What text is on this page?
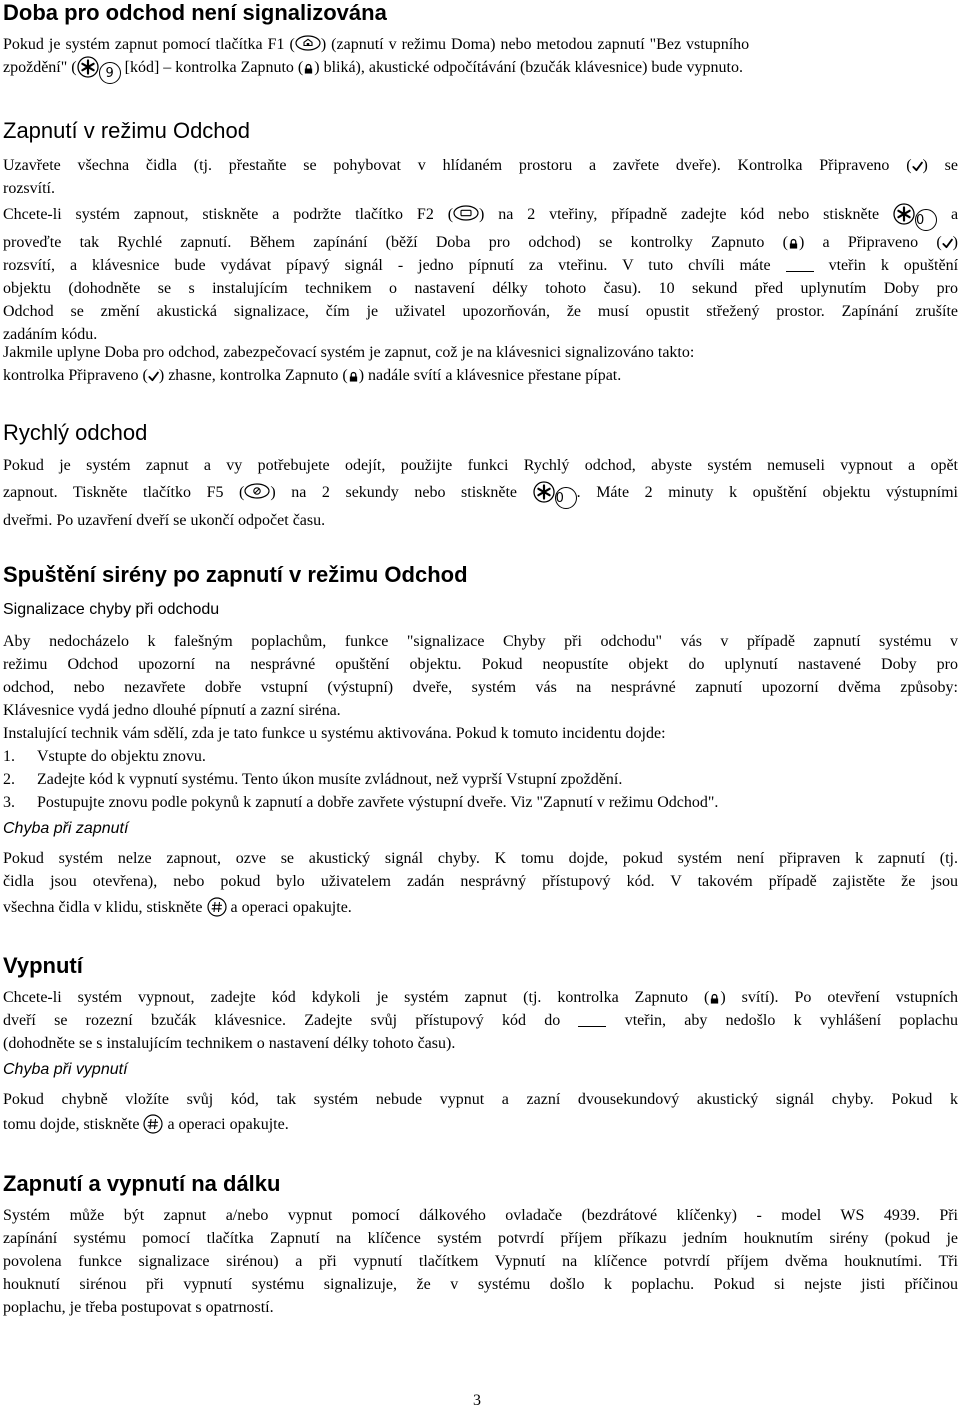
Doba pro odchod není signalizována
Pokud je systém zapnut pomocí tlačítka F1 ( ) (zapnutí v režimu Doma) nebo metodou zapnutí "Bez vstupního
zpoždění" ( 9 [kód] – kontrolka Zapnuto ( ) bliká), akustické odpočítávání (bzučák klávesnice) bude vypnuto.
Zapnutí v režimu Odchod
Uzavřete všechna čidla (tj. přestaňte se pohybovat v hlídaném prostoru a zavřete dveře). Kontrolka Připraveno ( ) se
rozsvítí.
Chcete-li systém zapnout, stiskněte a podržte tlačítko F2 ( ) na 2 vteřiny, případně zadejte kód nebo stiskněte	0 a
proveďte tak Rychlé zapnutí. Během zapínání (běží Doba pro odchod) se kontrolky Zapnuto ( ) a Připraveno ( )
rozsvítí, a klávesnice bude vydávat pípavý signál - jedno pípnutí za vteřinu. V tuto chvíli máte	vteřin k opuštění
objektu (dohodněte se s instalujícím technikem o nastavení délky tohoto času). 10 sekund před uplynutím Doby pro
Odchod se změní akustická signalizace, čím je uživatel upozorňován, že musí opustit střežený prostor. Zapínání zrušíte
zadáním kódu.
Jakmile uplyne Doba pro odchod, zabezpečovací systém je zapnut, což je na klávesnici signalizováno takto:
kontrolka Připraveno ( ) zhasne, kontrolka Zapnuto ( ) nadále svítí a klávesnice přestane pípat.
Rychlý odchod
Pokud je systém zapnut a vy potřebujete odejít, použijte funkci Rychlý odchod, abyste systém nemuseli vypnout a opět
zapnout. Tiskněte tlačítko F5 ( ) na 2 sekundy nebo stiskněte	0 . Máte 2 minuty k opuštění objektu výstupními
dveřmi. Po uzavření dveří se ukončí odpočet času.
Spuštění sirény po zapnutí v režimu Odchod
Signalizace chyby při odchodu
Aby nedocházelo k falešným poplachům, funkce "signalizace Chyby při odchodu" vás v případě zapnutí systému v
režimu Odchod upozorní na nesprávné opuštění objektu. Pokud neopustíte objekt do uplynutí nastavené Doby pro
odchod, nebo nezavřete dobře vstupní (výstupní) dveře, systém vás na nesprávné zapnutí upozorní dvěma způsoby:
Klávesnice vydá jedno dlouhé pípnutí a zazní siréna.
Instalující technik vám sdělí, zda je tato funkce u systému aktivována. Pokud k tomuto incidentu dojde:
1. Vstupte do objektu znovu.
2. Zadejte kód k vypnutí systému. Tento úkon musíte zvládnout, než vyprší Vstupní zpoždění.
3. Postupujte znovu podle pokynů k zapnutí a dobře zavřete výstupní dveře. Viz "Zapnutí v režimu Odchod".
Chyba při zapnutí
Pokud systém nelze zapnout, ozve se akustický signál chyby. K tomu dojde, pokud systém není připraven k zapnutí (tj.
čidla jsou otevřena), nebo pokud bylo uživatelem zadán nesprávný přístupový kód. V takovém případě zajistěte že jsou
všechna čidla v klidu, stiskněte a operaci opakujte.
Vypnutí
Chcete-li systém vypnout, zadejte kód kdykoli je systém zapnut (tj. kontrolka Zapnuto ( ) svítí). Po otevření vstupních
dveří se rozezní bzučák klávesnice. Zadejte svůj přístupový kód do	vteřin, aby nedošlo k vyhlášení poplachu
(dohodněte se s instalujícím technikem o nastavení délky tohoto času).
Chyba při vypnutí
Pokud chybně vložíte svůj kód, tak systém nebude vypnut a zazní dvousekundový akustický signál chyby. Pokud k
tomu dojde, stiskněte a operaci opakujte.
Zapnutí a vypnutí na dálku
Systém může být zapnut a/nebo vypnut pomocí dálkového ovladače (bezdrátové klíčenky) - model WS 4939. Při
zapínání systému pomocí tlačítka Zapnutí na klíčence systém potvrdí příjem příkazu jedním houknutím sirény (pokud je
povolena funkce signalizace sirénou) a při vypnutí tlačítkem Vypnutí na klíčence potvrdí příjem dvěma houknutími. Tři
houknutí sirénou při vypnutí systému signalizuje, že v systému došlo k poplachu. Pokud si nejste jisti příčinou
poplachu, je třeba postupovat s opatrností.
3
